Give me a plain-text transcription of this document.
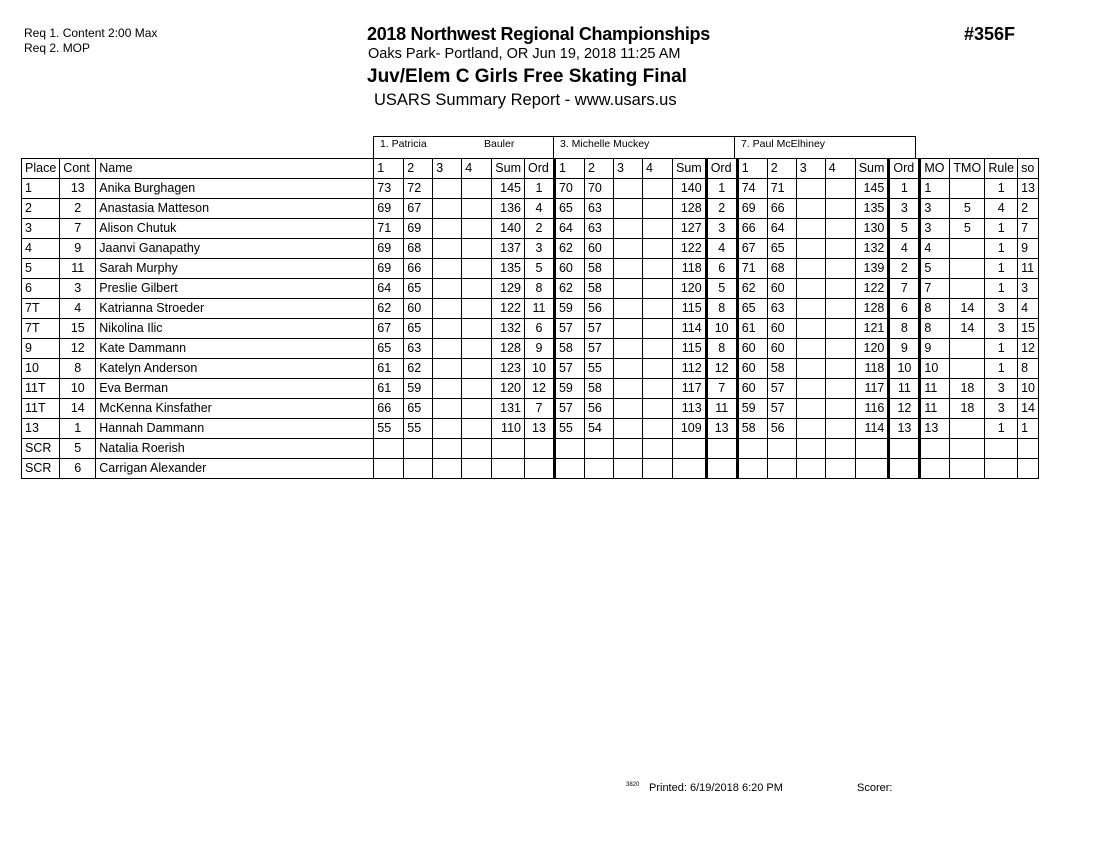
Req 1. Content 2:00 Max
Req 2. MOP
2018 Northwest Regional Championships
Oaks Park- Portland, OR Jun 19, 2018 11:25 AM
Juv/Elem C Girls Free Skating Final
USARS Summary Report - www.usars.us
#356F
1. Patricia	Bauler	3. Michelle Muckey	7. Paul McElhiney
Place	Cont	Name	1	2	3	4	Sum	Ord	1	2	3	4	Sum	Ord	1	2	3	4	Sum	Ord	MO	TMO	Rule	so
1	13	Anika Burghagen	73	72			145	1	70	70			140	1	74	71			145	1	1		1	13
2	2	Anastasia Matteson	69	67			136	4	65	63			128	2	69	66			135	3	3	5	4	2
3	7	Alison Chutuk	71	69			140	2	64	63			127	3	66	64			130	5	3	5	1	7
4	9	Jaanvi Ganapathy	69	68			137	3	62	60			122	4	67	65			132	4	4		1	9
5	11	Sarah Murphy	69	66			135	5	60	58			118	6	71	68			139	2	5		1	11
6	3	Preslie Gilbert	64	65			129	8	62	58			120	5	62	60			122	7	7		1	3
7T	4	Katrianna Stroeder	62	60			122	11	59	56			115	8	65	63			128	6	8	14	3	4
7T	15	Nikolina Ilic	67	65			132	6	57	57			114	10	61	60			121	8	8	14	3	15
9	12	Kate Dammann	65	63			128	9	58	57			115	8	60	60			120	9	9		1	12
10	8	Katelyn Anderson	61	62			123	10	57	55			112	12	60	58			118	10	10		1	8
11T	10	Eva Berman	61	59			120	12	59	58			117	7	60	57			117	11	11	18	3	10
11T	14	McKenna Kinsfather	66	65			131	7	57	56			113	11	59	57			116	12	11	18	3	14
13	1	Hannah Dammann	55	55			110	13	55	54			109	13	58	56			114	13	13		1	1
SCR	5	Natalia Roerish																						
SCR	6	Carrigan Alexander																						
3820 Printed: 6/19/2018 6:20 PM	Scorer:
